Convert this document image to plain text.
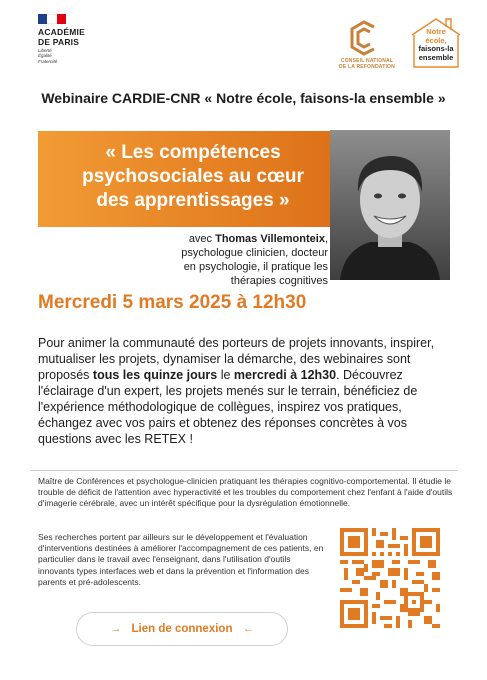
ACADÉMIE
DE PARIS
Liberté
Égalité
Fraternité	CONSEIL NATIONAL
DE LA REFONDATION
Notre
école,
faisons-la
ensemble
Webinaire CARDIE-CNR « Notre école, faisons-la ensemble »
« Les compétences
psychosociales au cœur
des apprentissages »
avec Thomas Villemonteix,
psychologue clinicien, docteur
en psychologie, il pratique les
thérapies cognitives
Mercredi 5 mars 2025 à 12h30
Pour animer la communauté des porteurs de projets innovants, inspirer, mutualiser les projets, dynamiser la démarche, des webinaires sont proposés tous les quinze jours le mercredi à 12h30. Découvrez l'éclairage d'un expert, les projets menés sur le terrain, bénéficiez de l'expérience méthodologique de collègues, inspirez vos pratiques, échangez avec vos pairs et obtenez des réponses concrètes à vos questions avec les RETEX !
Maître de Conférences et psychologue-clinicien pratiquant les thérapies cognitivo-comportemental. Il étudie le trouble de déficit de l'attention avec hyperactivité et les troubles du comportement chez l'enfant à l'aide d'outils d'imagerie cérébrale, avec un intérêt spécifique pour la dysrégulation émotionnelle.
Ses recherches portent par ailleurs sur le développement et l'évaluation d'interventions destinées à améliorer l'accompagnement de ces patients, en particulier dans le travail avec l'enseignant, dans l'utilisation d'outils innovants types interfaces web et dans la prévention et l'information des parents et pré-adolescents.
→ Lien de connexion ←
